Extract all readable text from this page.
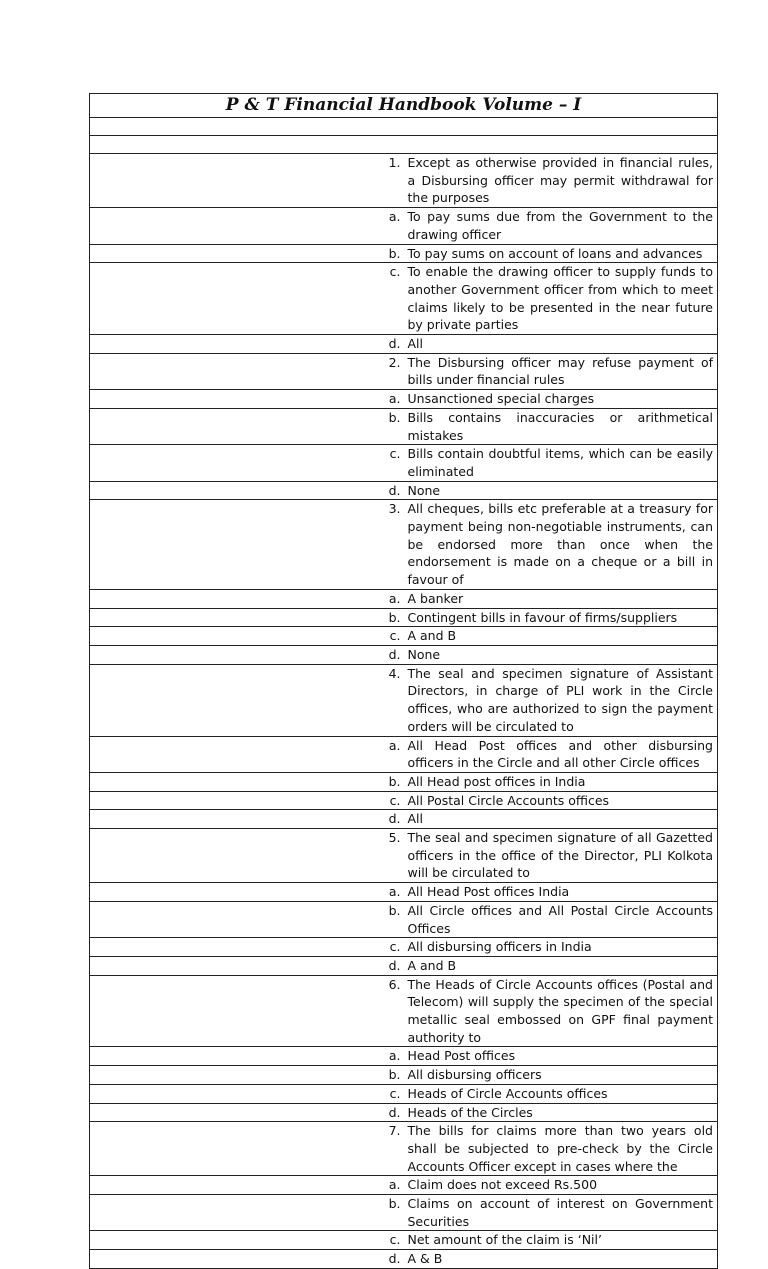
P & T Financial Handbook Volume – I	

1.	Except as otherwise provided in financial rules, a Disbursing officer may permit withdrawal for the purposes
a.	To pay sums due from the Government to the drawing officer
b.	To pay sums on account of loans and advances
c.	To enable the drawing officer to supply funds to another Government officer from which to meet claims likely to be presented in the near future by private parties
d.	All
2.	The Disbursing officer may refuse payment of bills under financial rules
a.	Unsanctioned special charges
b.	Bills contains inaccuracies or arithmetical mistakes
c.	Bills contain doubtful items, which can be easily eliminated
d.	None
3.	All cheques, bills etc preferable at a treasury for payment being non-negotiable instruments, can be endorsed more than once when the endorsement is made on a cheque or a bill in favour of
a.	A banker
b.	Contingent bills in favour of firms/suppliers
c.	A and B
d.	None
4.	The seal and specimen signature of Assistant Directors, in charge of PLI work in the Circle offices, who are authorized to sign the payment orders will be circulated to
a.	All Head Post offices and other disbursing officers in the Circle and all other Circle offices
b.	All Head post offices in India
c.	All Postal Circle Accounts offices
d.	All
5.	The seal and specimen signature of all Gazetted officers in the office of the Director, PLI Kolkota will be circulated to
a.	All Head Post offices India
b.	All Circle offices and All Postal Circle Accounts Offices
c.	All disbursing officers in India
d.	A and B
6.	The Heads of Circle Accounts offices (Postal and Telecom) will supply the specimen of the special metallic seal embossed on GPF final payment authority to
a.	Head Post offices
b.	All disbursing officers
c.	Heads of Circle Accounts offices
d.	Heads of the Circles
7.	The bills for claims more than two years old shall be subjected to pre-check by the Circle Accounts Officer except in cases where the
a.	Claim does not exceed Rs.500
b.	Claims on account of interest on Government Securities
c.	Net amount of the claim is ‘Nil’
d.	A & B
